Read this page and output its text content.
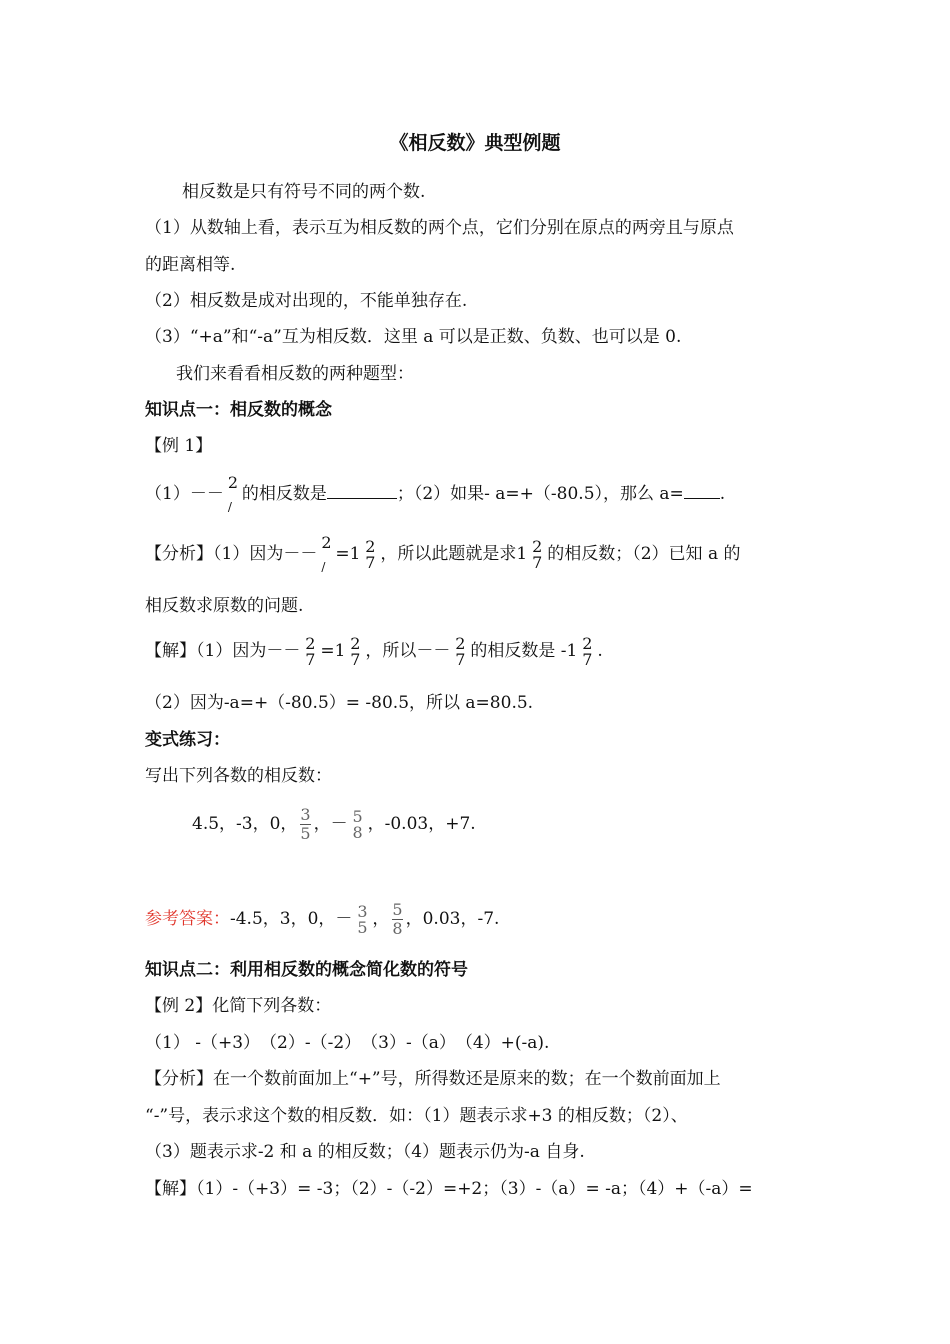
《相反数》典型例题
相反数是只有符号不同的两个数.
（1）从数轴上看，表示互为相反数的两个点，它们分别在原点的两旁且与原点
的距离相等.
（2）相反数是成对出现的，不能单独存在.
（3）“+a”和“-a”互为相反数．这里 a 可以是正数、负数、也可以是 0.
我们来看看相反数的两种题型：
知识点一：相反数的概念
【例 1】
（1）－－
2
/
的相反数是	；（2）如果- a=+（-80.5），那么 a= .
【分析】（1）因为－－
2
/
=1 2
7 ，所以此题就是求1 2
7 的相反数；（2）已知 a 的
相反数求原数的问题.
【解】（1）因为－－ 2
7 =1 2
7 ，所以－－ 2
7 的相反数是 -1 2
7 .
（2）因为-a=+（-80.5）= -80.5，所以 a=80.5.
变式练习：
写出下列各数的相反数：
4.5，-3，0， $\frac{3}{5}$ ，－ 5
8 ，-0.03，+7.
参考答案：-4.5，3，0，－ 3
5 ， $\frac{5}{8}$ ，0.03，-7.
知识点二：利用相反数的概念简化数的符号
【例 2】化简下列各数：
（1） -（+3）　（2）-（-2）　（3）-（a）　（4）+(-a).
【分析】在一个数前面加上“+”号，所得数还是原来的数；在一个数前面加上
“-”号，表示求这个数的相反数．如：（1）题表示求+3 的相反数；（2）、
（3）题表示求-2 和 a 的相反数；（4）题表示仍为-a 自身.
【解】（1）-（+3）= -3；（2）-（-2）=+2；（3）-（a）= -a；（4）+（-a）=
